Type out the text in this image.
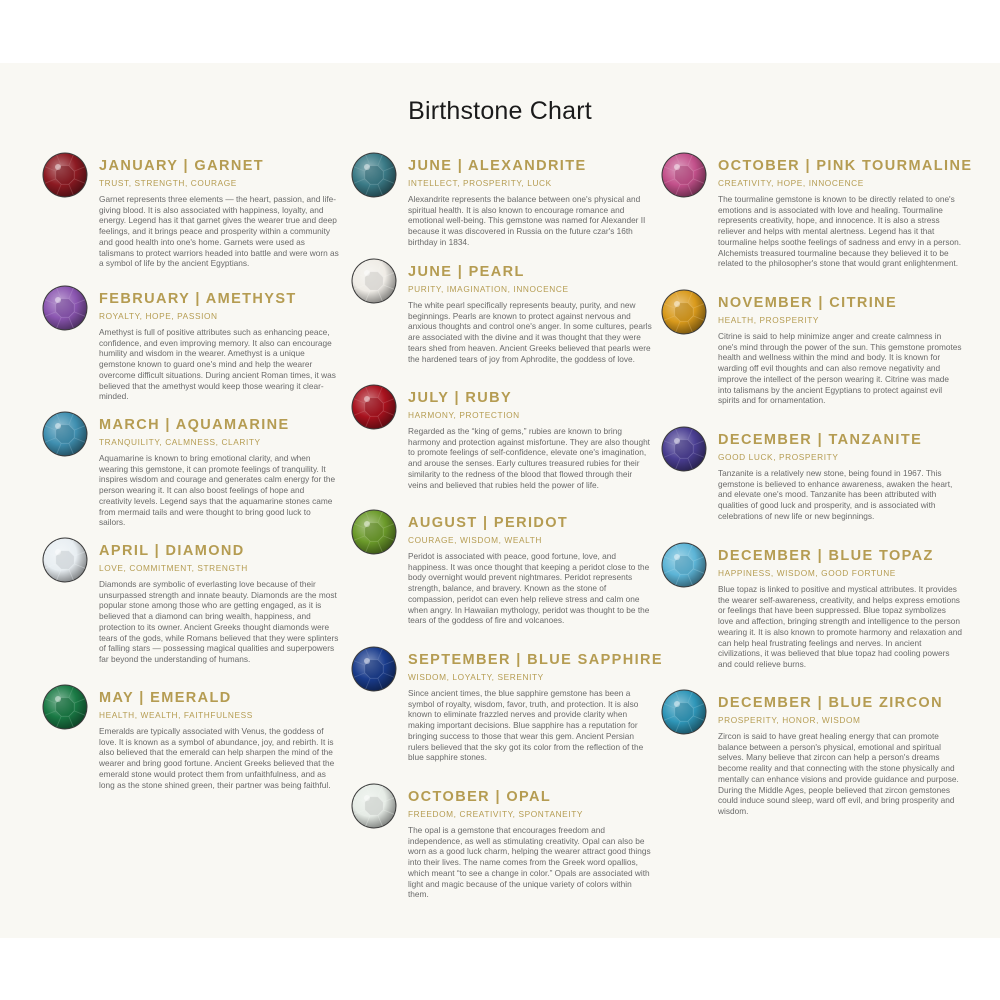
Birthstone Chart
JANUARY | GARNET
TRUST, STRENGTH, COURAGE
Garnet represents three elements — the heart, passion, and life-giving blood. It is also associated with happiness, loyalty, and energy. Legend has it that garnet gives the wearer true and deep feelings, and it brings peace and prosperity within a community and good health into one's home. Garnets were used as talismans to protect warriors headed into battle and were worn as a symbol of life by the ancient Egyptians.
FEBRUARY | AMETHYST
ROYALTY, HOPE, PASSION
Amethyst is full of positive attributes such as enhancing peace, confidence, and even improving memory. It also can encourage humility and wisdom in the wearer. Amethyst is a unique gemstone known to guard one's mind and help the wearer overcome difficult situations. During ancient Roman times, it was believed that the amethyst would keep those wearing it clear-minded.
MARCH | AQUAMARINE
TRANQUILITY, CALMNESS, CLARITY
Aquamarine is known to bring emotional clarity, and when wearing this gemstone, it can promote feelings of tranquility. It inspires wisdom and courage and generates calm energy for the person wearing it. It can also boost feelings of hope and creativity levels. Legend says that the aquamarine stones came from mermaid tails and were thought to bring good luck to sailors.
APRIL | DIAMOND
LOVE, COMMITMENT, STRENGTH
Diamonds are symbolic of everlasting love because of their unsurpassed strength and innate beauty. Diamonds are the most popular stone among those who are getting engaged, as it is believed that a diamond can bring wealth, happiness, and protection to its owner. Ancient Greeks thought diamonds were tears of the gods, while Romans believed that they were splinters of falling stars — possessing magical qualities and superpowers far beyond the understanding of humans.
MAY | EMERALD
HEALTH, WEALTH, FAITHFULNESS
Emeralds are typically associated with Venus, the goddess of love. It is known as a symbol of abundance, joy, and rebirth. It is also believed that the emerald can help sharpen the mind of the wearer and bring good fortune. Ancient Greeks believed that the emerald stone would protect them from unfaithfulness, and as long as the stone shined green, their partner was being faithful.
JUNE | ALEXANDRITE
INTELLECT, PROSPERITY, LUCK
Alexandrite represents the balance between one's physical and spiritual health. It is also known to encourage romance and emotional well-being. This gemstone was named for Alexander II because it was discovered in Russia on the future czar's 16th birthday in 1834.
JUNE | PEARL
PURITY, IMAGINATION, INNOCENCE
The white pearl specifically represents beauty, purity, and new beginnings. Pearls are known to protect against nervous and anxious thoughts and control one's anger. In some cultures, pearls are associated with the divine and it was thought that they were tears shed from heaven. Ancient Greeks believed that pearls were the hardened tears of joy from Aphrodite, the goddess of love.
JULY | RUBY
HARMONY, PROTECTION
Regarded as the “king of gems,” rubies are known to bring harmony and protection against misfortune. They are also thought to promote feelings of self-confidence, elevate one's imagination, and arouse the senses. Early cultures treasured rubies for their similarity to the redness of the blood that flowed through their veins and believed that rubies held the power of life.
AUGUST | PERIDOT
COURAGE, WISDOM, WEALTH
Peridot is associated with peace, good fortune, love, and happiness. It was once thought that keeping a peridot close to the body overnight would prevent nightmares. Peridot represents strength, balance, and bravery. Known as the stone of compassion, peridot can even help relieve stress and calm one when angry. In Hawaiian mythology, peridot was thought to be the tears of the goddess of fire and volcanoes.
SEPTEMBER | BLUE SAPPHIRE
WISDOM, LOYALTY, SERENITY
Since ancient times, the blue sapphire gemstone has been a symbol of royalty, wisdom, favor, truth, and protection. It is also known to eliminate frazzled nerves and provide clarity when making important decisions. Blue sapphire has a reputation for bringing success to those that wear this gem. Ancient Persian rulers believed that the sky got its color from the reflection of the blue sapphire stones.
OCTOBER | OPAL
FREEDOM, CREATIVITY, SPONTANEITY
The opal is a gemstone that encourages freedom and independence, as well as stimulating creativity. Opal can also be worn as a good luck charm, helping the wearer attract good things into their lives. The name comes from the Greek word opallios, which meant “to see a change in color.” Opals are associated with light and magic because of the unique variety of colors within them.
OCTOBER | PINK TOURMALINE
CREATIVITY, HOPE, INNOCENCE
The tourmaline gemstone is known to be directly related to one's emotions and is associated with love and healing. Tourmaline represents creativity, hope, and innocence. It is also a stress reliever and helps with mental alertness. Legend has it that tourmaline helps soothe feelings of sadness and envy in a person. Alchemists treasured tourmaline because they believed it to be related to the philosopher's stone that would grant enlightenment.
NOVEMBER | CITRINE
HEALTH, PROSPERITY
Citrine is said to help minimize anger and create calmness in one's mind through the power of the sun. This gemstone promotes health and wellness within the mind and body. It is known for warding off evil thoughts and can also remove negativity and improve the intellect of the person wearing it. Citrine was made into talismans by the ancient Egyptians to protect against evil spirits and for ornamentation.
DECEMBER | TANZANITE
GOOD LUCK, PROSPERITY
Tanzanite is a relatively new stone, being found in 1967. This gemstone is believed to enhance awareness, awaken the heart, and elevate one's mood. Tanzanite has been attributed with qualities of good luck and prosperity, and is associated with celebrations of new life or new beginnings.
DECEMBER | BLUE TOPAZ
HAPPINESS, WISDOM, GOOD FORTUNE
Blue topaz is linked to positive and mystical attributes. It provides the wearer self-awareness, creativity, and helps express emotions or feelings that have been suppressed. Blue topaz symbolizes love and affection, bringing strength and intelligence to the person wearing it. It is also known to promote harmony and relaxation and can help heal frustrating feelings and nerves. In ancient civilizations, it was believed that blue topaz had cooling powers and could relieve burns.
DECEMBER | BLUE ZIRCON
PROSPERITY, HONOR, WISDOM
Zircon is said to have great healing energy that can promote balance between a person's physical, emotional and spiritual selves. Many believe that zircon can help a person's dreams become reality and that connecting with the stone physically and mentally can enhance visions and provide guidance and purpose. During the Middle Ages, people believed that zircon gemstones could induce sound sleep, ward off evil, and bring prosperity and wisdom.
